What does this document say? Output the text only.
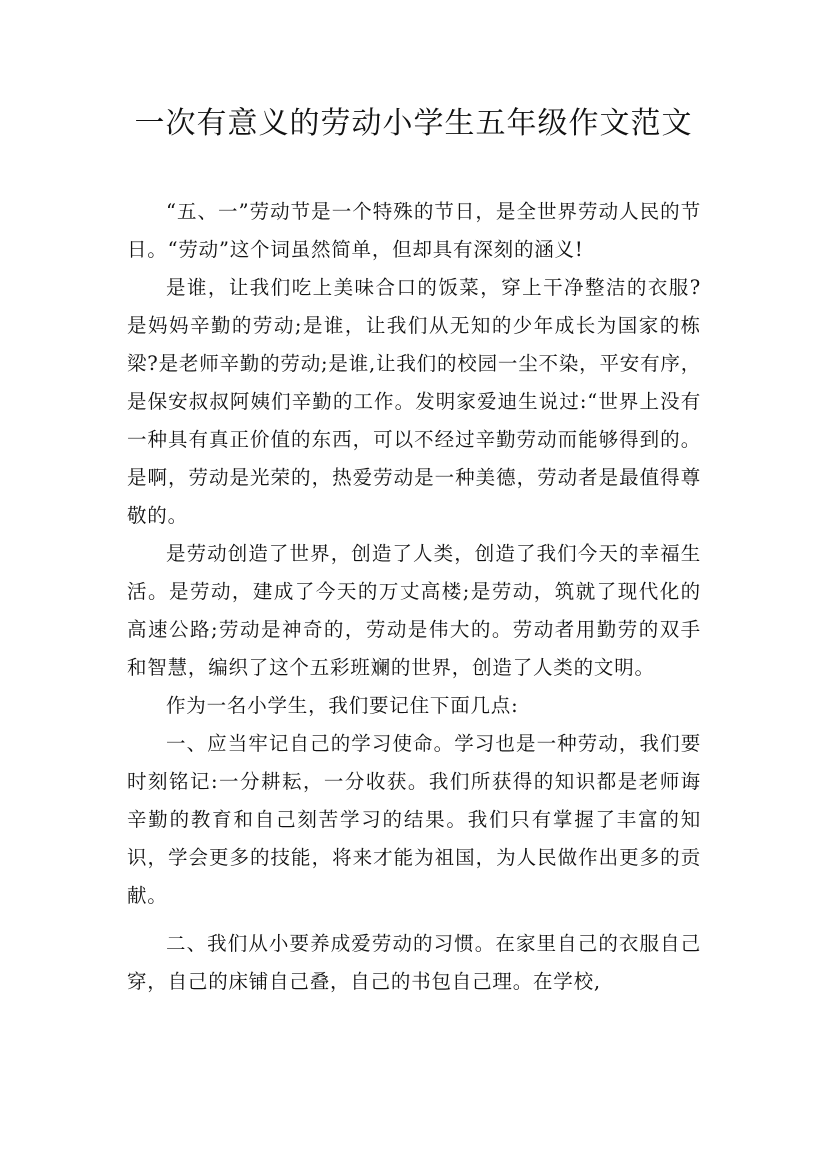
一次有意义的劳动小学生五年级作文范文

“五、一”劳动节是一个特殊的节日，是全世界劳动人民的节日。“劳动”这个词虽然简单，但却具有深刻的涵义!

是谁，让我们吃上美味合口的饭菜，穿上干净整洁的衣服?是妈妈辛勤的劳动;是谁，让我们从无知的少年成长为国家的栋梁?是老师辛勤的劳动;是谁,让我们的校园一尘不染，平安有序，是保安叔叔阿姨们辛勤的工作。发明家爱迪生说过:“世界上没有一种具有真正价值的东西，可以不经过辛勤劳动而能够得到的。是啊，劳动是光荣的，热爱劳动是一种美德，劳动者是最值得尊敬的。

是劳动创造了世界，创造了人类，创造了我们今天的幸福生活。是劳动，建成了今天的万丈高楼;是劳动，筑就了现代化的高速公路;劳动是神奇的，劳动是伟大的。劳动者用勤劳的双手和智慧，编织了这个五彩班斓的世界，创造了人类的文明。

作为一名小学生，我们要记住下面几点:

一、应当牢记自己的学习使命。学习也是一种劳动，我们要时刻铭记:一分耕耘，一分收获。我们所获得的知识都是老师诲辛勤的教育和自己刻苦学习的结果。我们只有掌握了丰富的知识，学会更多的技能，将来才能为祖国，为人民做作出更多的贡献。

二、我们从小要养成爱劳动的习惯。在家里自己的衣服自己穿，自己的床铺自己叠，自己的书包自己理。在学校,
